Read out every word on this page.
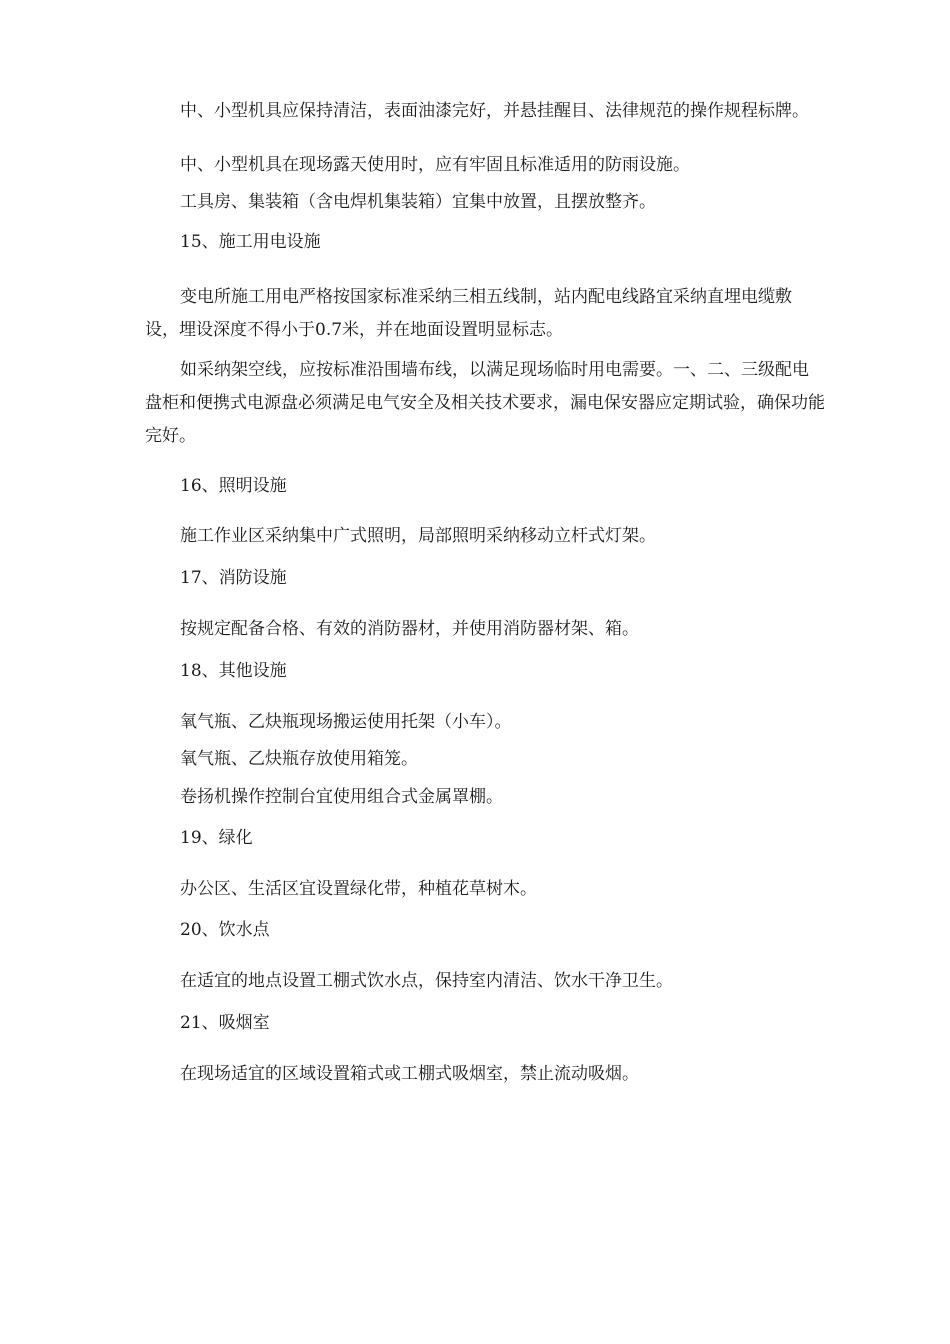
中、小型机具应保持清洁，表面油漆完好，并悬挂醒目、法律规范的操作规程标牌。

中、小型机具在现场露天使用时，应有牢固且标准适用的防雨设施。

工具房、集装箱（含电焊机集装箱）宜集中放置，且摆放整齐。

15、施工用电设施

变电所施工用电严格按国家标准采纳三相五线制，站内配电线路宜采纳直埋电缆敷设，埋设深度不得小于0.7米，并在地面设置明显标志。

如采纳架空线，应按标准沿围墙布线，以满足现场临时用电需要。一、二、三级配电盘柜和便携式电源盘必须满足电气安全及相关技术要求，漏电保安器应定期试验，确保功能完好。

16、照明设施

施工作业区采纳集中广式照明，局部照明采纳移动立杆式灯架。

17、消防设施

按规定配备合格、有效的消防器材，并使用消防器材架、箱。

18、其他设施

氧气瓶、乙炔瓶现场搬运使用托架（小车）。

氧气瓶、乙炔瓶存放使用箱笼。

卷扬机操作控制台宜使用组合式金属罩棚。

19、绿化

办公区、生活区宜设置绿化带，种植花草树木。

20、饮水点

在适宜的地点设置工棚式饮水点，保持室内清洁、饮水干净卫生。

21、吸烟室

在现场适宜的区域设置箱式或工棚式吸烟室，禁止流动吸烟。
